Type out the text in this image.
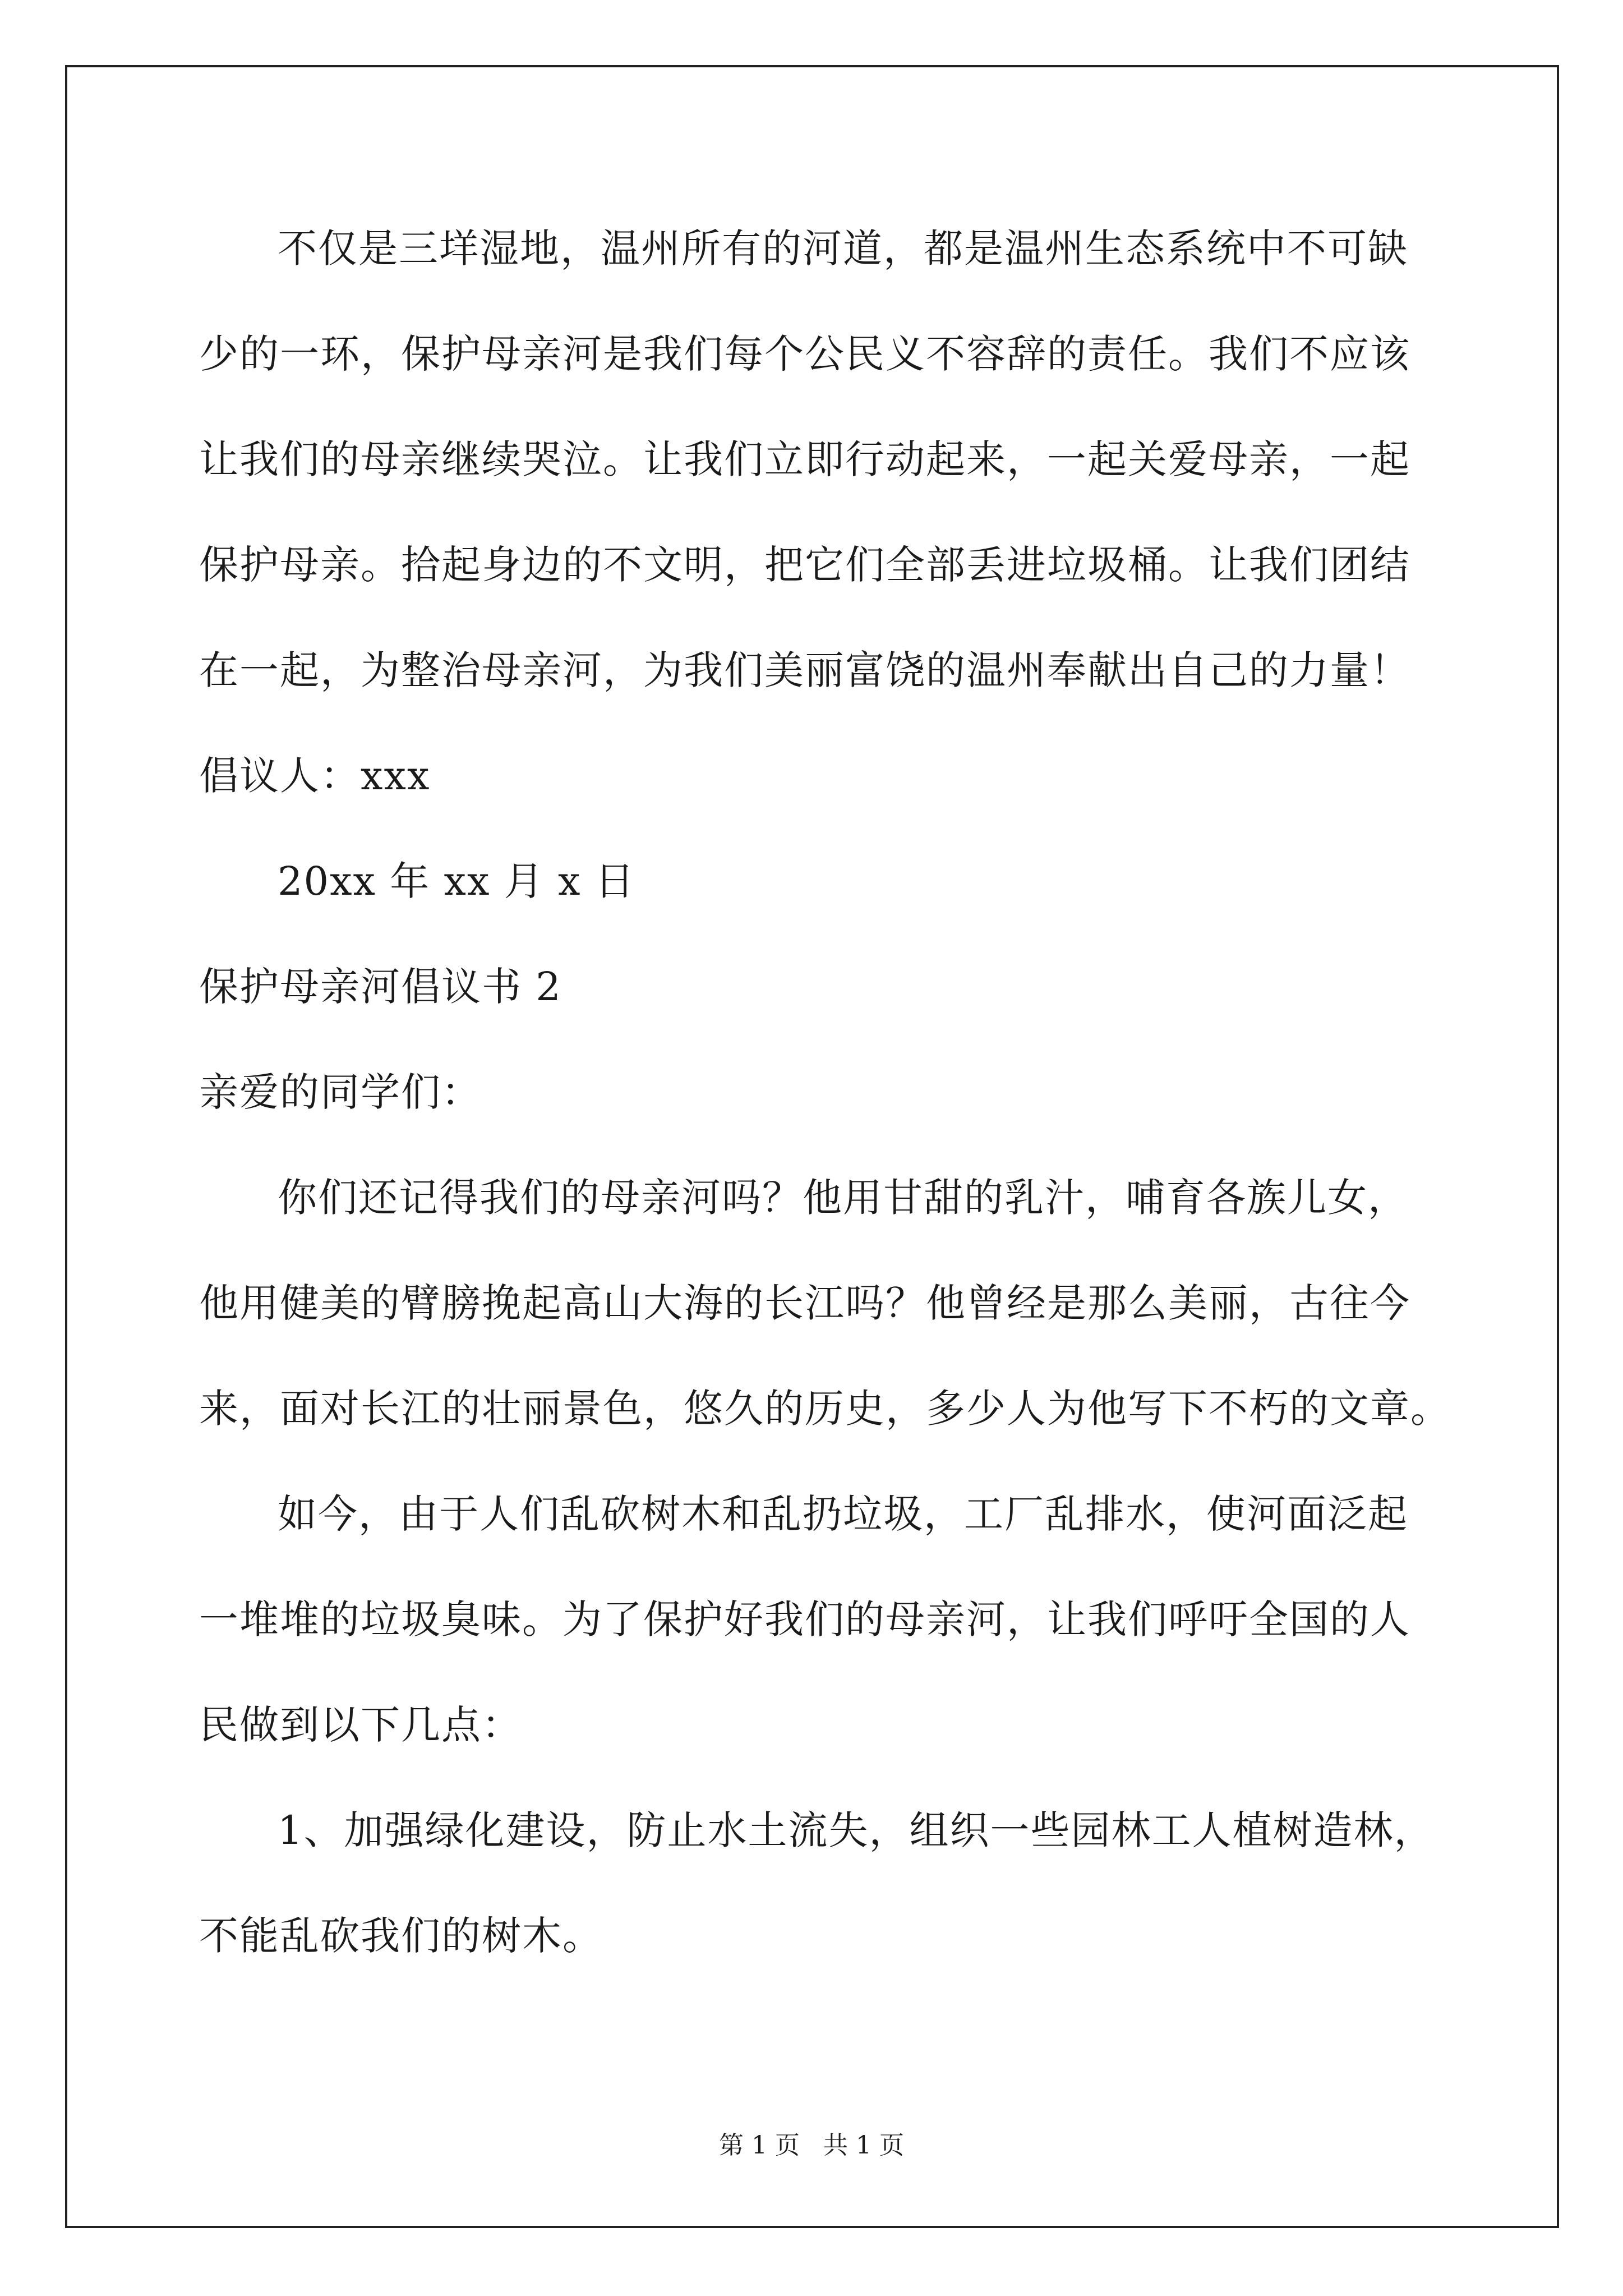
不仅是三垟湿地，温州所有的河道，都是温州生态系统中不可缺
少的一环，保护母亲河是我们每个公民义不容辞的责任。我们不应该
让我们的母亲继续哭泣。让我们立即行动起来，一起关爱母亲，一起
保护母亲。拾起身边的不文明，把它们全部丢进垃圾桶。让我们团结
在一起，为整治母亲河，为我们美丽富饶的温州奉献出自己的力量！
倡议人：xxx
20xx 年 xx 月 x 日
保护母亲河倡议书 2
亲爱的同学们：
你们还记得我们的母亲河吗？他用甘甜的乳汁，哺育各族儿女，
他用健美的臂膀挽起高山大海的长江吗？他曾经是那么美丽，古往今
来，面对长江的壮丽景色，悠久的历史，多少人为他写下不朽的文章。
如今，由于人们乱砍树木和乱扔垃圾，工厂乱排水，使河面泛起
一堆堆的垃圾臭味。为了保护好我们的母亲河，让我们呼吁全国的人
民做到以下几点：
1、加强绿化建设，防止水土流失，组织一些园林工人植树造林，
不能乱砍我们的树木。
第 1 页   共 1 页
